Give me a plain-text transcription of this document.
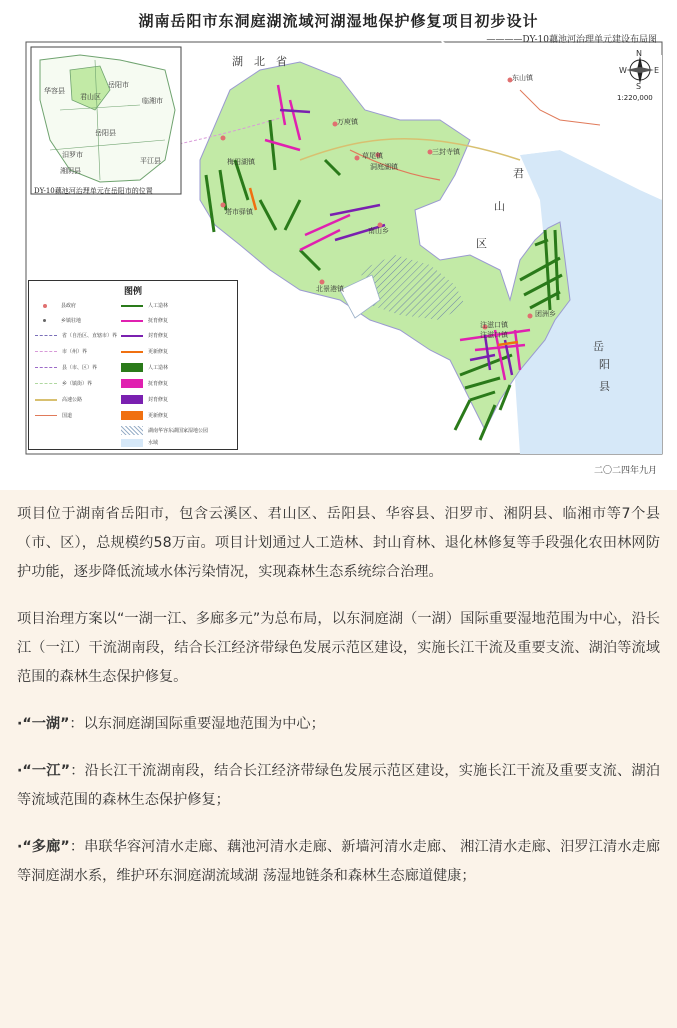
湖南岳阳市东洞庭湖流域河湖湿地保护修复项目初步设计
————DY-10藕池河治理单元建设布局图
N
S
E
W
1:220,000
湖　北　省
君
山
区
岳
阳
县
万庾镇
草尾镇	三封寺镇
东山镇
洞庭湖镇
梅田湖镇
注滋口镇
北景港镇
塔市驿镇
团洲乡
南山乡
注滋口镇
华容县
岳阳市
君山区
岳阳县
汨罗市
湘阴县
临湘市
平江县
DY-10藕池河治理单元在岳阳市的位置
图例
县政府
乡镇驻地
省（自治区、直辖市）界
市（州）界
县（市、区）界
乡（镇街）界
高速公路
国道
人工造林
抚育修复
封育修复
更新修复
人工造林
抚育修复
封育修复
更新修复
湖南华容东湖国家湿地公园
水域
二〇二四年九月

项目位于湖南省岳阳市，包含云溪区、君山区、岳阳县、华容县、汨罗市、湘阴县、临湘市等7个县（市、区），总规模约58万亩。项目计划通过人工造林、封山育林、退化林修复等手段强化农田林网防护功能，逐步降低流域水体污染情况，实现森林生态系统综合治理。

项目治理方案以“一湖一江、多廊多元”为总布局，以东洞庭湖（一湖）国际重要湿地范围为中心，沿长江（一江）干流湖南段，结合长江经济带绿色发展示范区建设，实施长江干流及重要支流、湖泊等流域范围的森林生态保护修复。

·“一湖”：以东洞庭湖国际重要湿地范围为中心；

·“一江”：沿长江干流湖南段，结合长江经济带绿色发展示范区建设，实施长江干流及重要支流、湖泊等流域范围的森林生态保护修复；

·“多廊”：串联华容河清水走廊、藕池河清水走廊、新墙河清水走廊、 湘江清水走廊、汨罗江清水走廊等洞庭湖水系，维护环东洞庭湖流域湖 荡湿地链条和森林生态廊道健康；
